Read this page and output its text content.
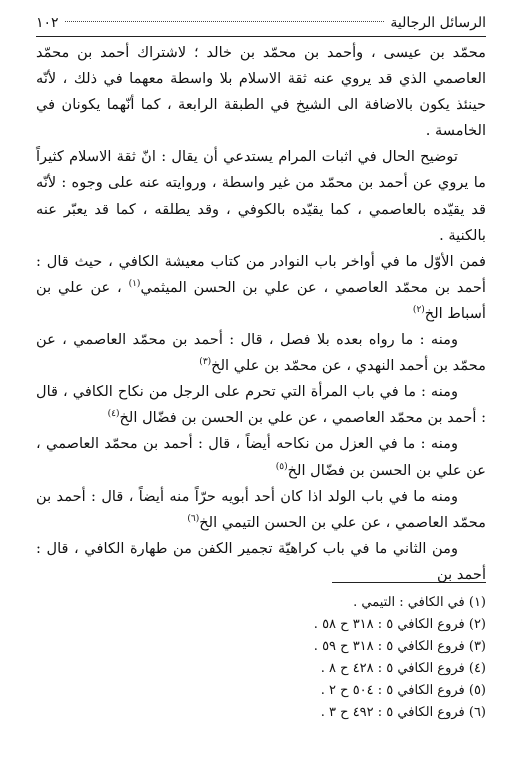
الرسائل الرجالية
١٠٢

محمّد بن عيسى ، وأحمد بن محمّد بن خالد ؛ لاشتراك أحمد بن محمّد العاصمي الذي قد يروي عنه ثقة الاسلام بلا واسطة معهما في ذلك ، لأنّه حينئذ يكون بالاضافة الى الشيخ في الطبقة الرابعة ، كما أنّهما يكونان في الخامسة .

توضيح الحال في اثبات المرام يستدعي أن يقال : انّ ثقة الاسلام كثيراً ما يروي عن أحمد بن محمّد من غير واسطة ، وروايته عنه على وجوه : لأنّه قد يقيّده بالعاصمي ، كما يقيّده بالكوفي ، وقد يطلقه ، كما قد يعبّر عنه بالكنية .

فمن الأوّل ما في أواخر باب النوادر من كتاب معيشة الكافي ، حيث قال : أحمد بن محمّد العاصمي ، عن علي بن الحسن الميثمي$^{(١)}$ ، عن علي بن أسباط الخ$^{(٢)}$

ومنه : ما رواه بعده بلا فصل ، قال : أحمد بن محمّد العاصمي ، عن محمّد بن أحمد النهدي ، عن محمّد بن علي الخ$^{(٣)}$

ومنه : ما في باب المرأة التي تحرم على الرجل من نكاح الكافي ، قال : أحمد بن محمّد العاصمي ، عن علي بن الحسن بن فضّال الخ$^{(٤)}$

ومنه : ما في العزل من نكاحه أيضاً ، قال : أحمد بن محمّد العاصمي ، عن علي بن الحسن بن فضّال الخ$^{(٥)}$

ومنه ما في باب الولد اذا كان أحد أبويه حرّاً منه أيضاً ، قال : أحمد بن محمّد العاصمي ، عن علي بن الحسن التيمي الخ$^{(٦)}$

ومن الثاني ما في باب كراهيّة تجمير الكفن من طهارة الكافي ، قال : أحمد بن

(١) في الكافي : التيمي .
(٢) فروع الكافي ٥ : ٣١٨ ح ٥٨ .
(٣) فروع الكافي ٥ : ٣١٨ ح ٥٩ .
(٤) فروع الكافي ٥ : ٤٢٨ ح ٨ .
(٥) فروع الكافي ٥ : ٥٠٤ ح ٢ .
(٦) فروع الكافي ٥ : ٤٩٢ ح ٣ .
